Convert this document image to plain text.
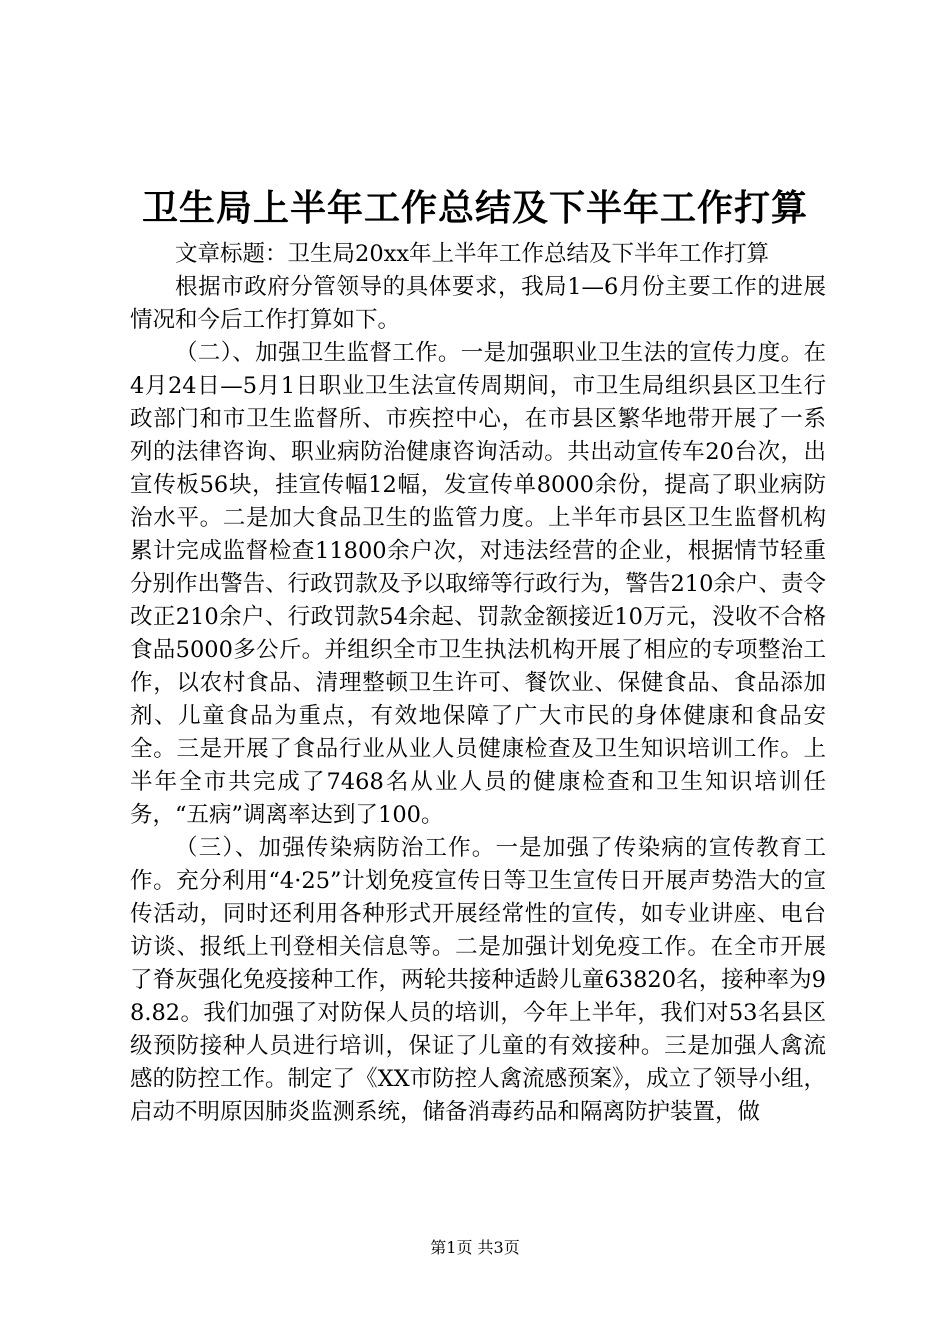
卫生局上半年工作总结及下半年工作打算

文章标题：卫生局20xx年上半年工作总结及下半年工作打算

根据市政府分管领导的具体要求，我局1—6月份主要工作的进展情况和今后工作打算如下。

（二）、加强卫生监督工作。一是加强职业卫生法的宣传力度。在4月24日—5月1日职业卫生法宣传周期间，市卫生局组织县区卫生行政部门和市卫生监督所、市疾控中心，在市县区繁华地带开展了一系列的法律咨询、职业病防治健康咨询活动。共出动宣传车20台次，出宣传板56块，挂宣传幅12幅，发宣传单8000余份，提高了职业病防治水平。二是加大食品卫生的监管力度。上半年市县区卫生监督机构累计完成监督检查11800余户次，对违法经营的企业，根据情节轻重分别作出警告、行政罚款及予以取缔等行政行为，警告210余户、责令改正210余户、行政罚款54余起、罚款金额接近10万元，没收不合格食品5000多公斤。并组织全市卫生执法机构开展了相应的专项整治工作，以农村食品、清理整顿卫生许可、餐饮业、保健食品、食品添加剂、儿童食品为重点，有效地保障了广大市民的身体健康和食品安全。三是开展了食品行业从业人员健康检查及卫生知识培训工作。上半年全市共完成了7468名从业人员的健康检查和卫生知识培训任务，“五病”调离率达到了100。

（三）、加强传染病防治工作。一是加强了传染病的宣传教育工作。充分利用“4·25”计划免疫宣传日等卫生宣传日开展声势浩大的宣传活动，同时还利用各种形式开展经常性的宣传，如专业讲座、电台访谈、报纸上刊登相关信息等。二是加强计划免疫工作。在全市开展了脊灰强化免疫接种工作，两轮共接种适龄儿童63820名，接种率为98.82。我们加强了对防保人员的培训，今年上半年，我们对53名县区级预防接种人员进行培训，保证了儿童的有效接种。三是加强人禽流感的防控工作。制定了《XX市防控人禽流感预案》，成立了领导小组，启动不明原因肺炎监测系统，储备消毒药品和隔离防护装置，做

第1页 共3页
